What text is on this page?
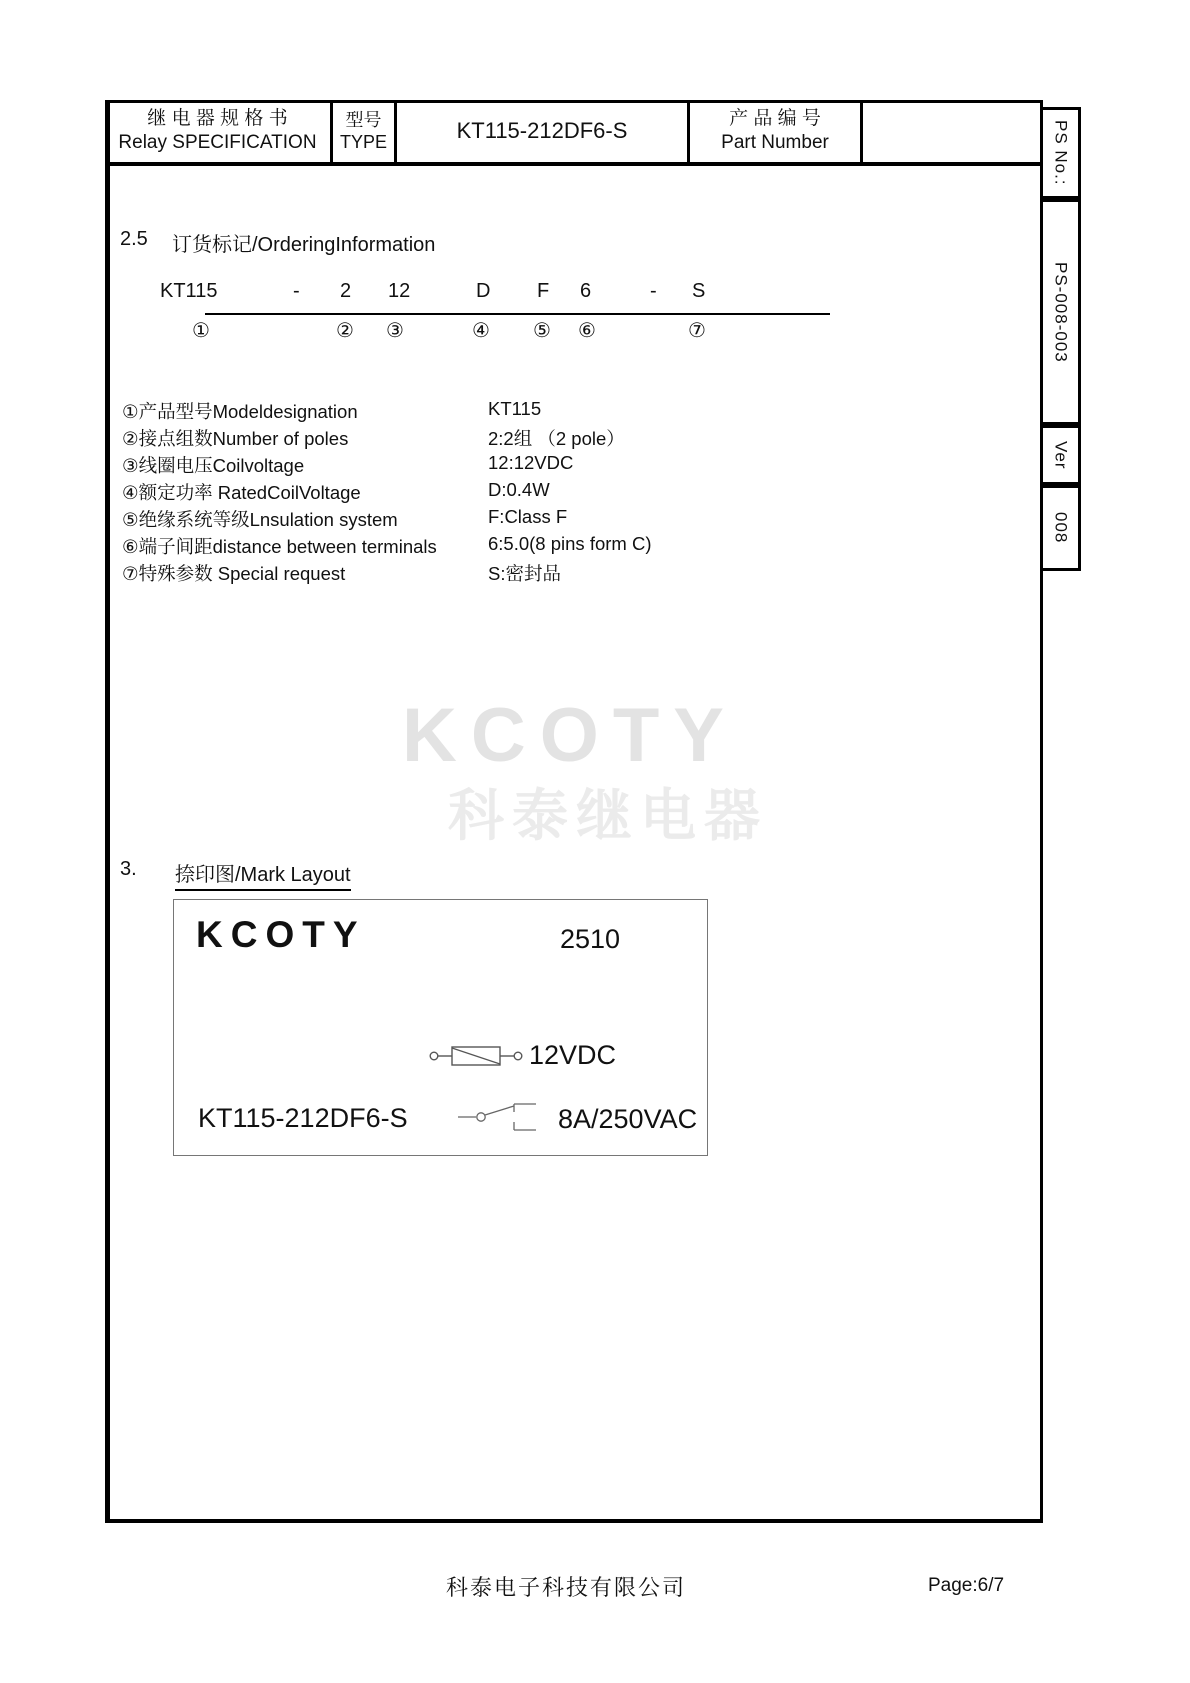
继 电 器 规 格 书
Relay SPECIFICATION
型号
TYPE	KT115-212DF6-S	产 品 编 号
Part Number	PS No.:
PS-008-003
Ver
008
KCOTY
科泰继电器
2.5 订货标记/OrderingInformation
KT115	- 2 12	D F 6	- S
①	② ③	④ ⑤ ⑥	⑦
①产品型号Modeldesignation	KT115
②接点组数Number of poles	2:2组 （2 pole）
③线圈电压Coilvoltage	12:12VDC
④额定功率 RatedCoilVoltage	D:0.4W
⑤绝缘系统等级Lnsulation system	F:Class F
⑥端子间距distance between terminals	6:5.0(8 pins form C)
⑦特殊参数 Special request	S:密封品
3. 捺印图/Mark Layout
KCOTY	2510
12VDC
KT115-212DF6-S	8A/250VAC
科泰电子科技有限公司	Page:6/7
